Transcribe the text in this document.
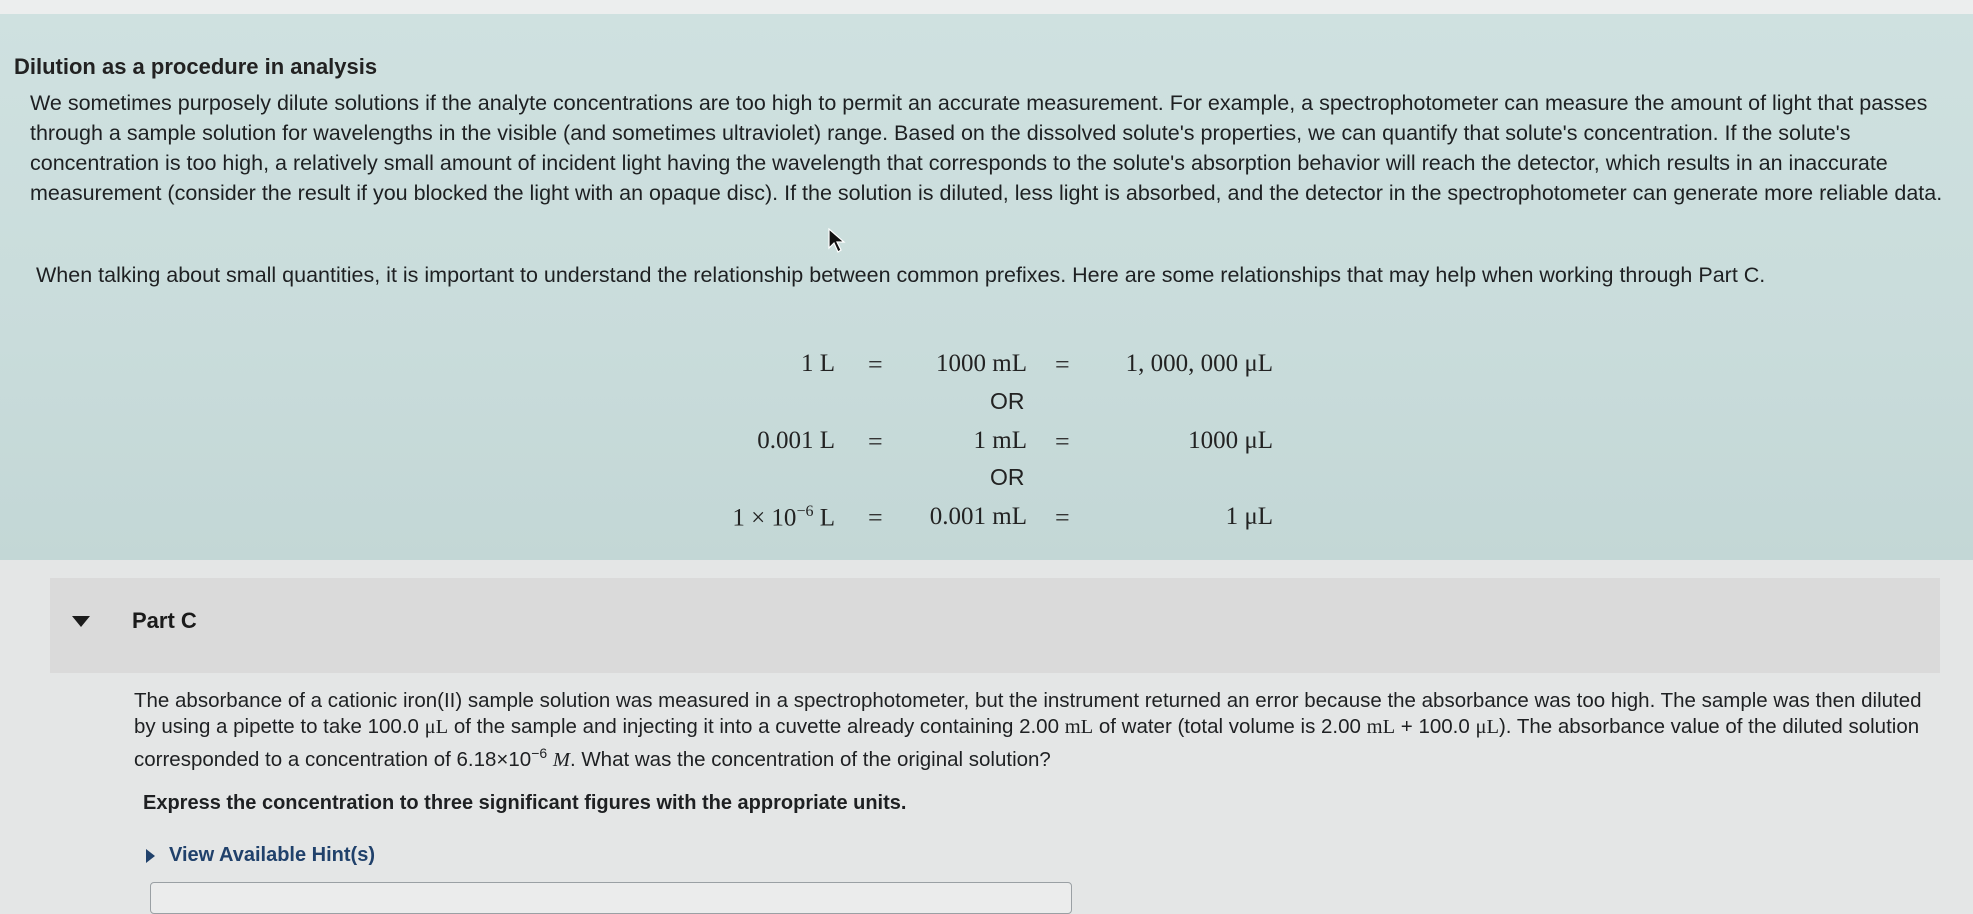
Dilution as a procedure in analysis
We sometimes purposely dilute solutions if the analyte concentrations are too high to permit an accurate measurement. For example, a spectrophotometer can measure the amount of light that passes through a sample solution for wavelengths in the visible (and sometimes ultraviolet) range. Based on the dissolved solute's properties, we can quantify that solute's concentration. If the solute's concentration is too high, a relatively small amount of incident light having the wavelength that corresponds to the solute's absorption behavior will reach the detector, which results in an inaccurate measurement (consider the result if you blocked the light with an opaque disc). If the solution is diluted, less light is absorbed, and the detector in the spectrophotometer can generate more reliable data.
When talking about small quantities, it is important to understand the relationship between common prefixes. Here are some relationships that may help when working through Part C.
1 L =	1000 mL =	1, 000, 000 μL
OR
0.001 L =	1 mL =	1000 μL
OR
$1 \times 10^{-6}$ L =	0.001 mL =	1 μL
Part C
The absorbance of a cationic iron(II) sample solution was measured in a spectrophotometer, but the instrument returned an error because the absorbance was too high. The sample was then diluted by using a pipette to take 100.0 μL of the sample and injecting it into a cuvette already containing 2.00 mL of water (total volume is 2.00 mL + 100.0 μL). The absorbance value of the diluted solution corresponded to a concentration of $6.18\times 10^{-6}$ M. What was the concentration of the original solution?
Express the concentration to three significant figures with the appropriate units.
View Available Hint(s)
